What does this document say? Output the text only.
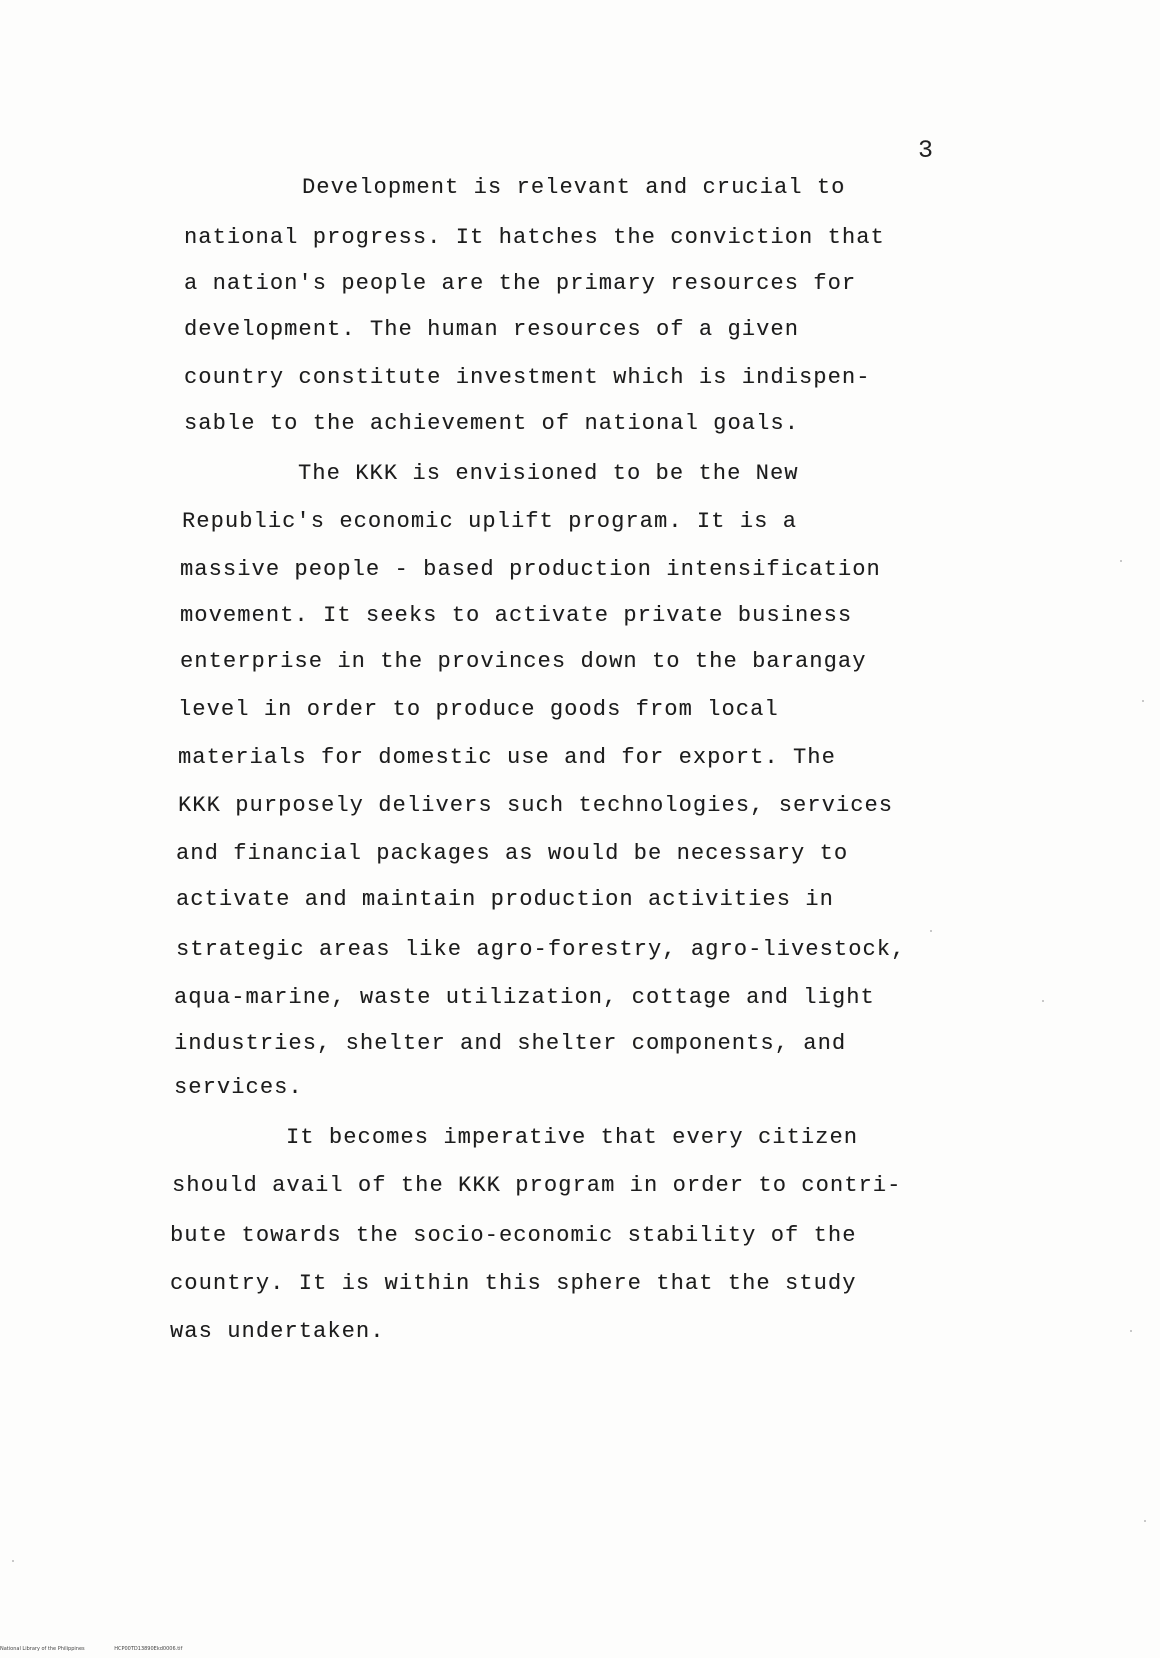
3
Development is relevant and crucial to
national progress. It hatches the conviction that
a nation's people are the primary resources for
development. The human resources of a given
country constitute investment which is indispen-
sable to the achievement of national goals.
The KKK is envisioned to be the New
Republic's economic uplift program. It is a
massive people - based production intensification
movement. It seeks to activate private business
enterprise in the provinces down to the barangay
level in order to produce goods from local
materials for domestic use and for export. The
KKK purposely delivers such technologies, services
and financial packages as would be necessary to
activate and maintain production activities in
strategic areas like agro-forestry, agro-livestock,
aqua-marine, waste utilization, cottage and light
industries, shelter and shelter components, and
services.
It becomes imperative that every citizen
should avail of the KKK program in order to contri-
bute towards the socio-economic stability of the
country. It is within this sphere that the study
was undertaken.
National Library of the Philippines	HCP00TD13890Ekd0006.tif
